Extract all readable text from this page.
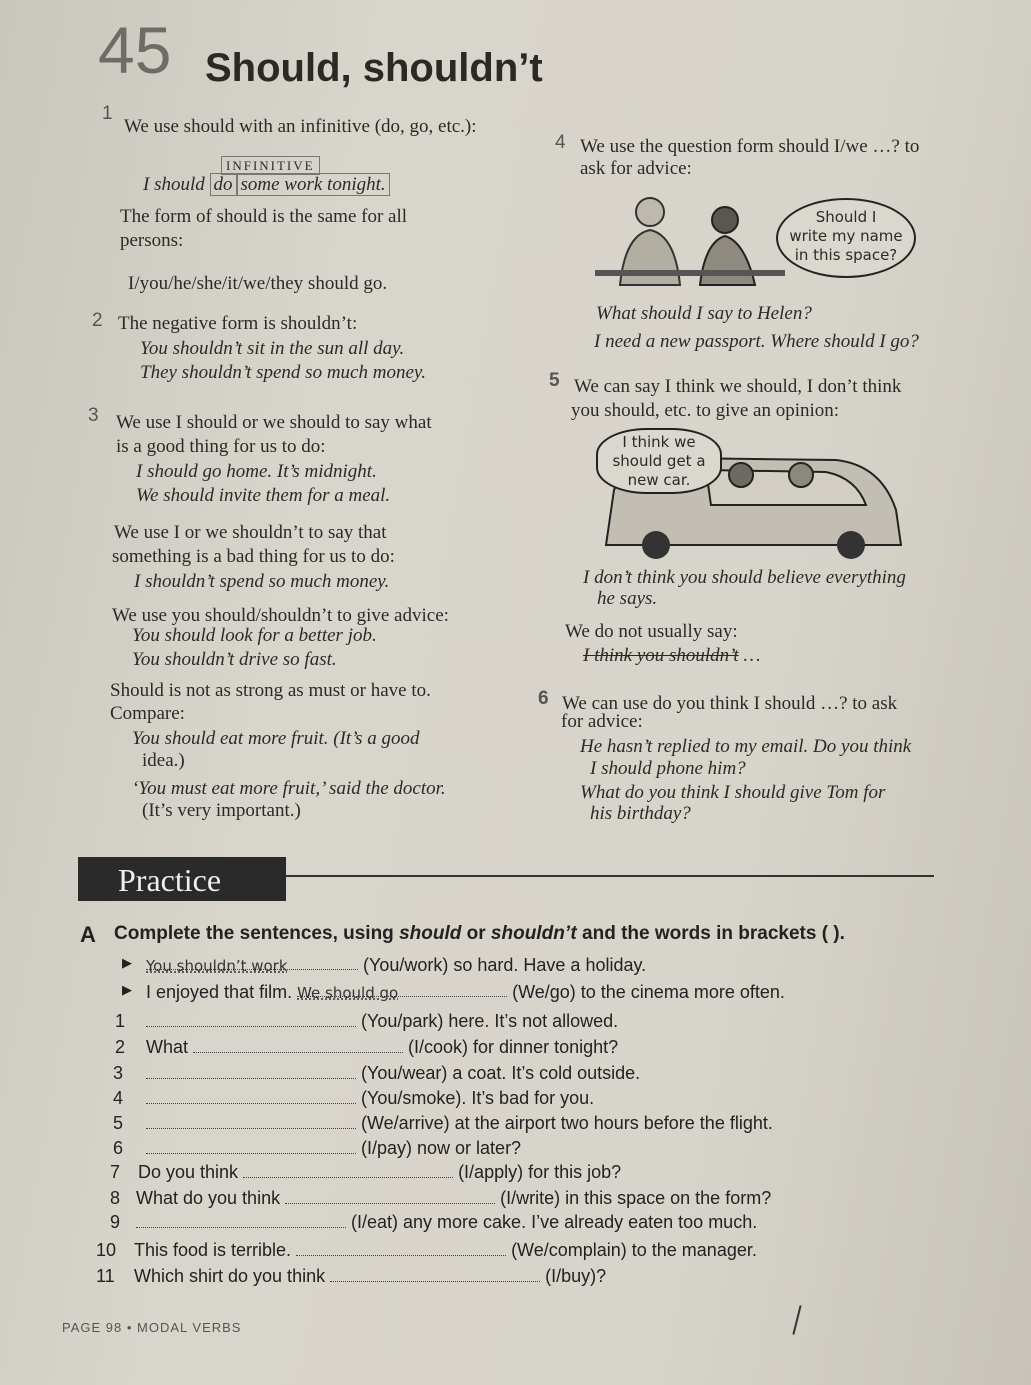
45 Should, shouldn’t
1
We use should with an infinitive (do, go, etc.):
INFINITIVE
I should do some work tonight.
The form of should is the same for all
persons:
I/you/he/she/it/we/they should go.
2 The negative form is shouldn’t:
You shouldn’t sit in the sun all day.
They shouldn’t spend so much money.
3 We use I should or we should to say what
is a good thing for us to do:
I should go home. It’s midnight.
We should invite them for a meal.
We use I or we shouldn’t to say that
something is a bad thing for us to do:
I shouldn’t spend so much money.
We use you should/shouldn’t to give advice:
You should look for a better job.
You shouldn’t drive so fast.
Should is not as strong as must or have to.
Compare:
You should eat more fruit. (It’s a good
idea.)
‘You must eat more fruit,’ said the doctor.
(It’s very important.)
4 We use the question form should I/we …? to
ask for advice:
Should I
write my name
in this space?
What should I say to Helen?
I need a new passport. Where should I go?
5 We can say I think we should, I don’t think
you should, etc. to give an opinion:
I think we
should get a
new car.
I don’t think you should believe everything
he says.
We do not usually say:
I think you shouldn’t …
6 We can use do you think I should …? to ask
for advice:
He hasn’t replied to my email. Do you think
I should phone him?
What do you think I should give Tom for
his birthday?
Practice
A Complete the sentences, using should or shouldn’t and the words in brackets ( ).
▶ You shouldn’t work	(You/work) so hard. Have a holiday.
▶ I enjoyed that film. We should go	(We/go) to the cinema more often.
1	(You/park) here. It’s not allowed.
2 What	(I/cook) for dinner tonight?
3	(You/wear) a coat. It’s cold outside.
4	(You/smoke). It’s bad for you.
5	(We/arrive) at the airport two hours before the flight.
6	(I/pay) now or later?
7 Do you think	(I/apply) for this job?
8 What do you think	(I/write) in this space on the form?
9	(I/eat) any more cake. I’ve already eaten too much.
10 This food is terrible.	(We/complain) to the manager.
11 Which shirt do you think	(I/buy)?
PAGE 98 • MODAL VERBS
